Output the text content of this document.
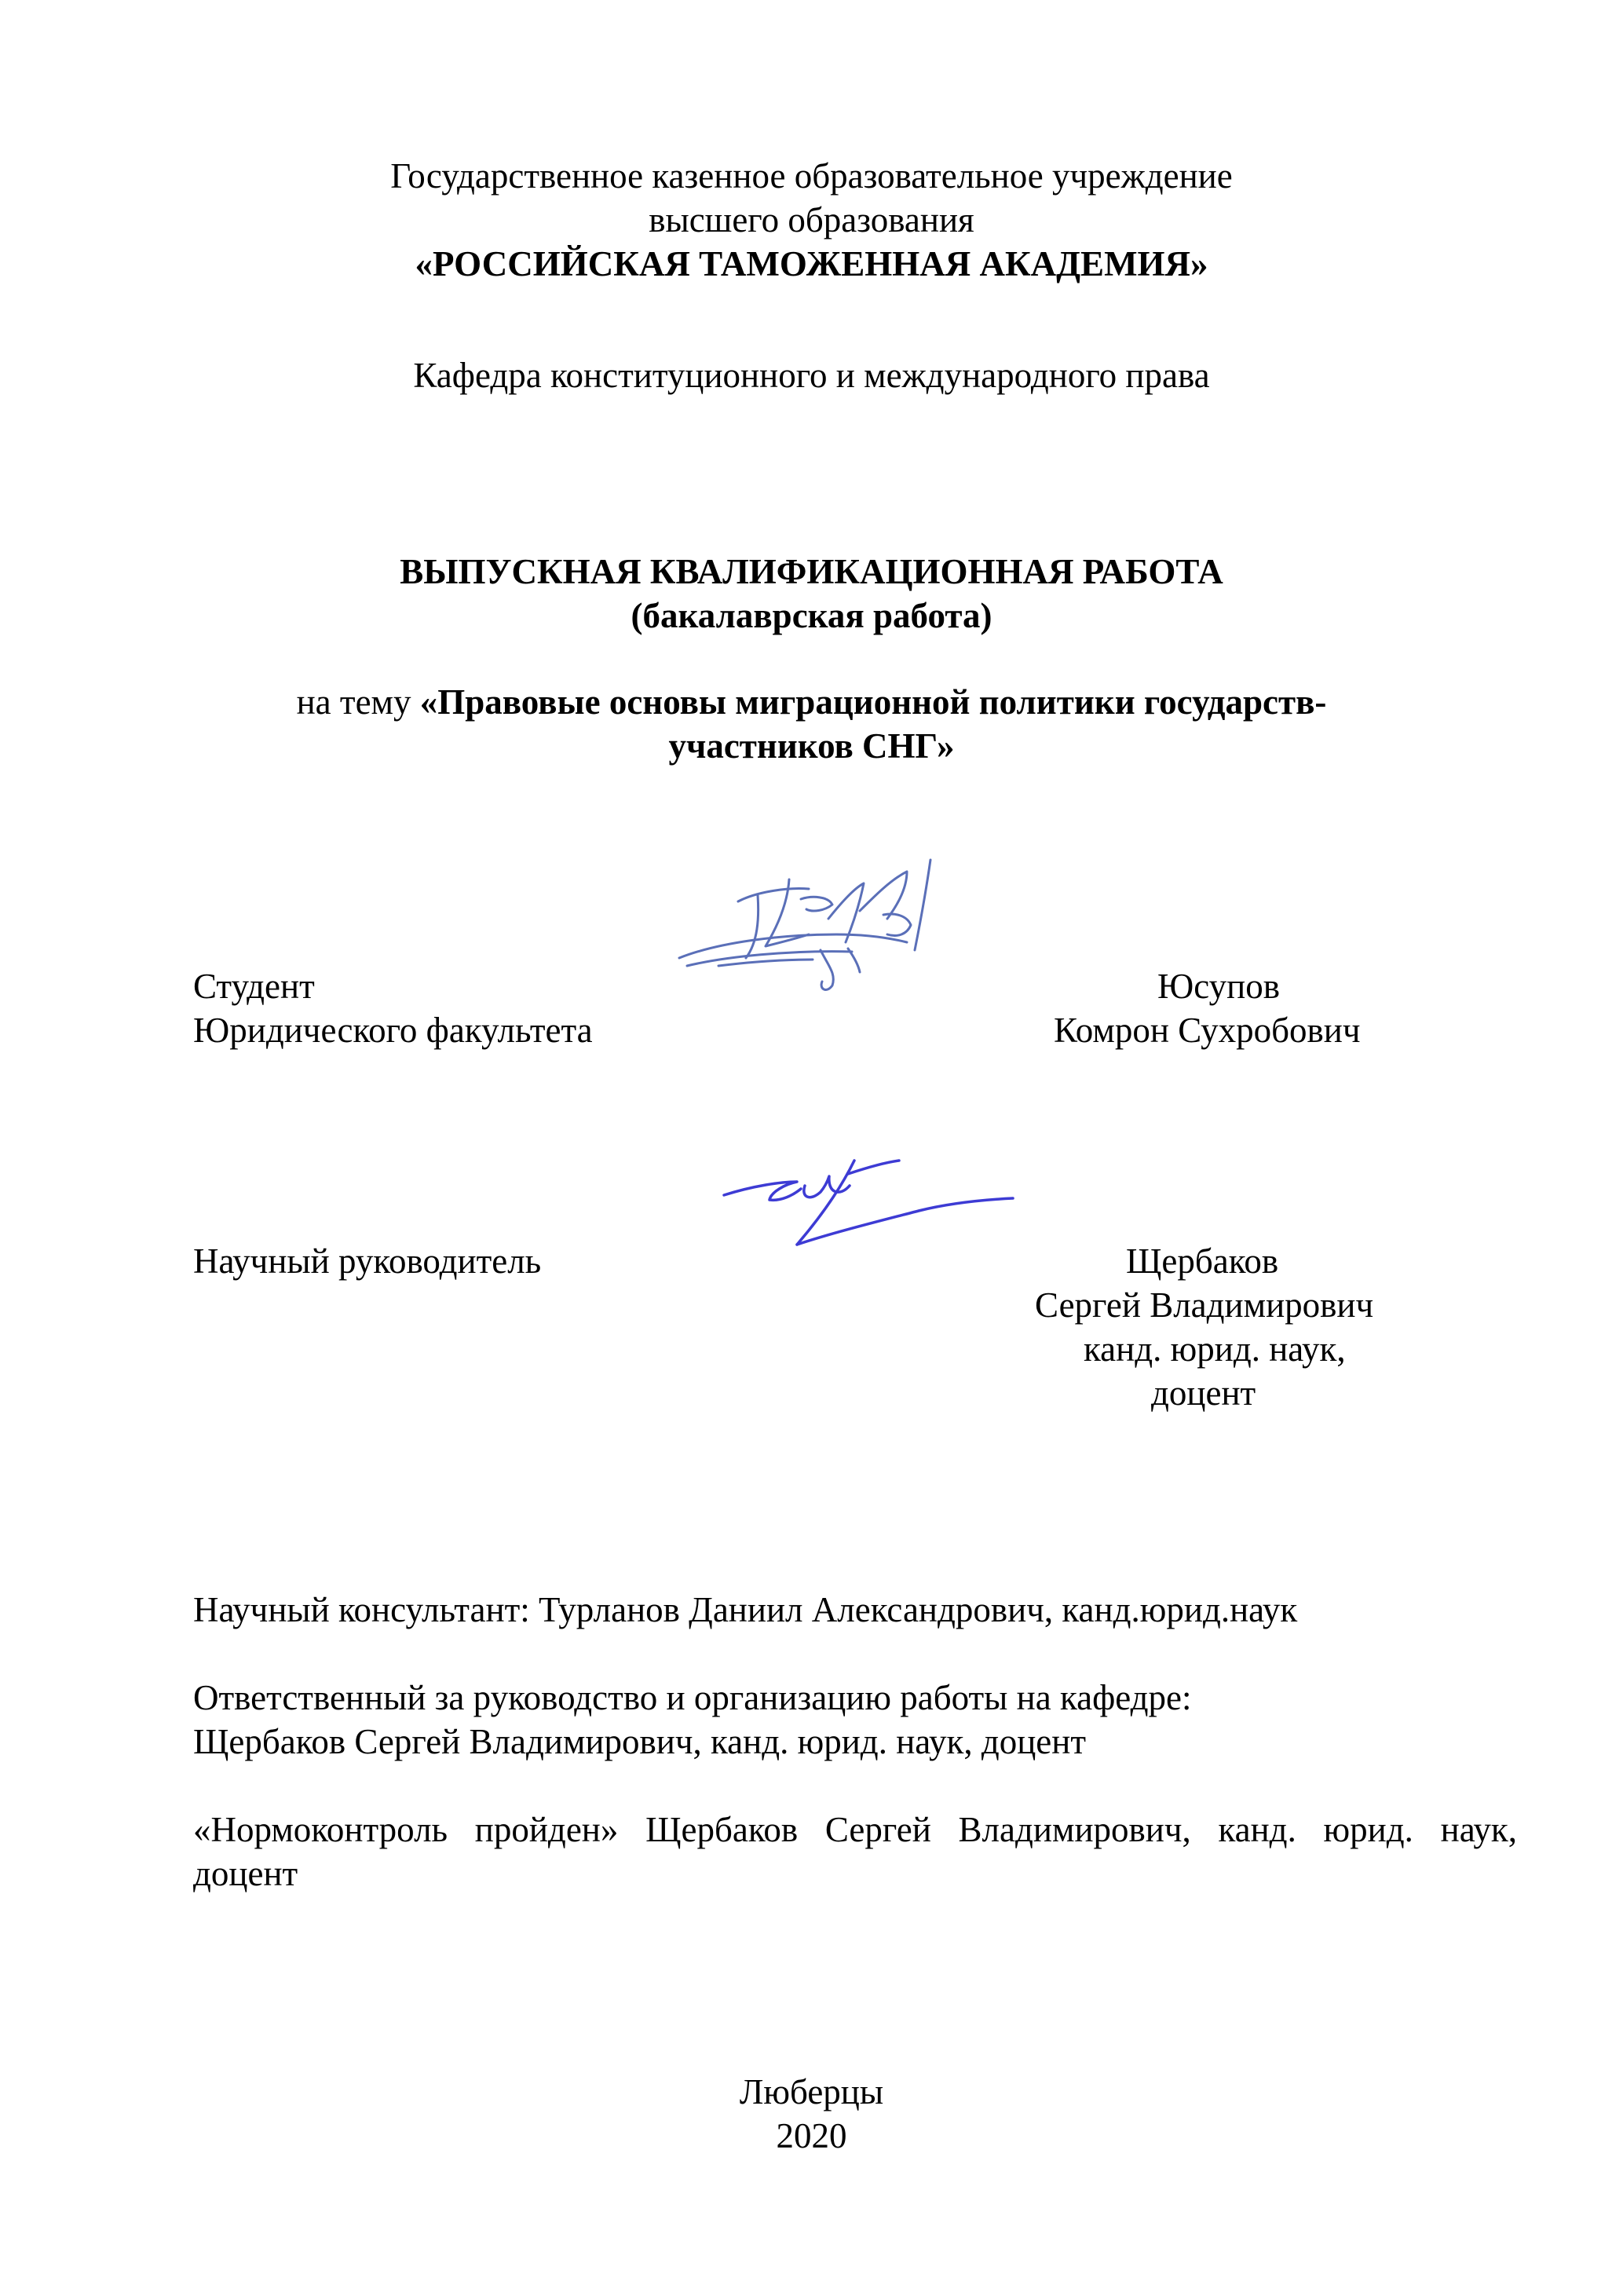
Государственное казенное образовательное учреждение
высшего образования
«РОССИЙСКАЯ ТАМОЖЕННАЯ АКАДЕМИЯ»
Кафедра конституционного и международного права
ВЫПУСКНАЯ КВАЛИФИКАЦИОННАЯ РАБОТА
(бакалаврская работа)
на тему «Правовые основы миграционной политики государств-
участников СНГ»
Студент
Юридического факультета
Юсупов
Комрон Сухробович
Научный руководитель	Щербаков
Сергей Владимирович
канд. юрид. наук,
доцент
Научный консультант: Турланов Даниил Александрович, канд.юрид.наук
Ответственный за руководство и организацию работы на кафедре:
Щербаков Сергей Владимирович, канд. юрид. наук, доцент
«Нормоконтроль пройден» Щербаков Сергей Владимирович, канд. юрид. наук,
доцент
Люберцы
2020
